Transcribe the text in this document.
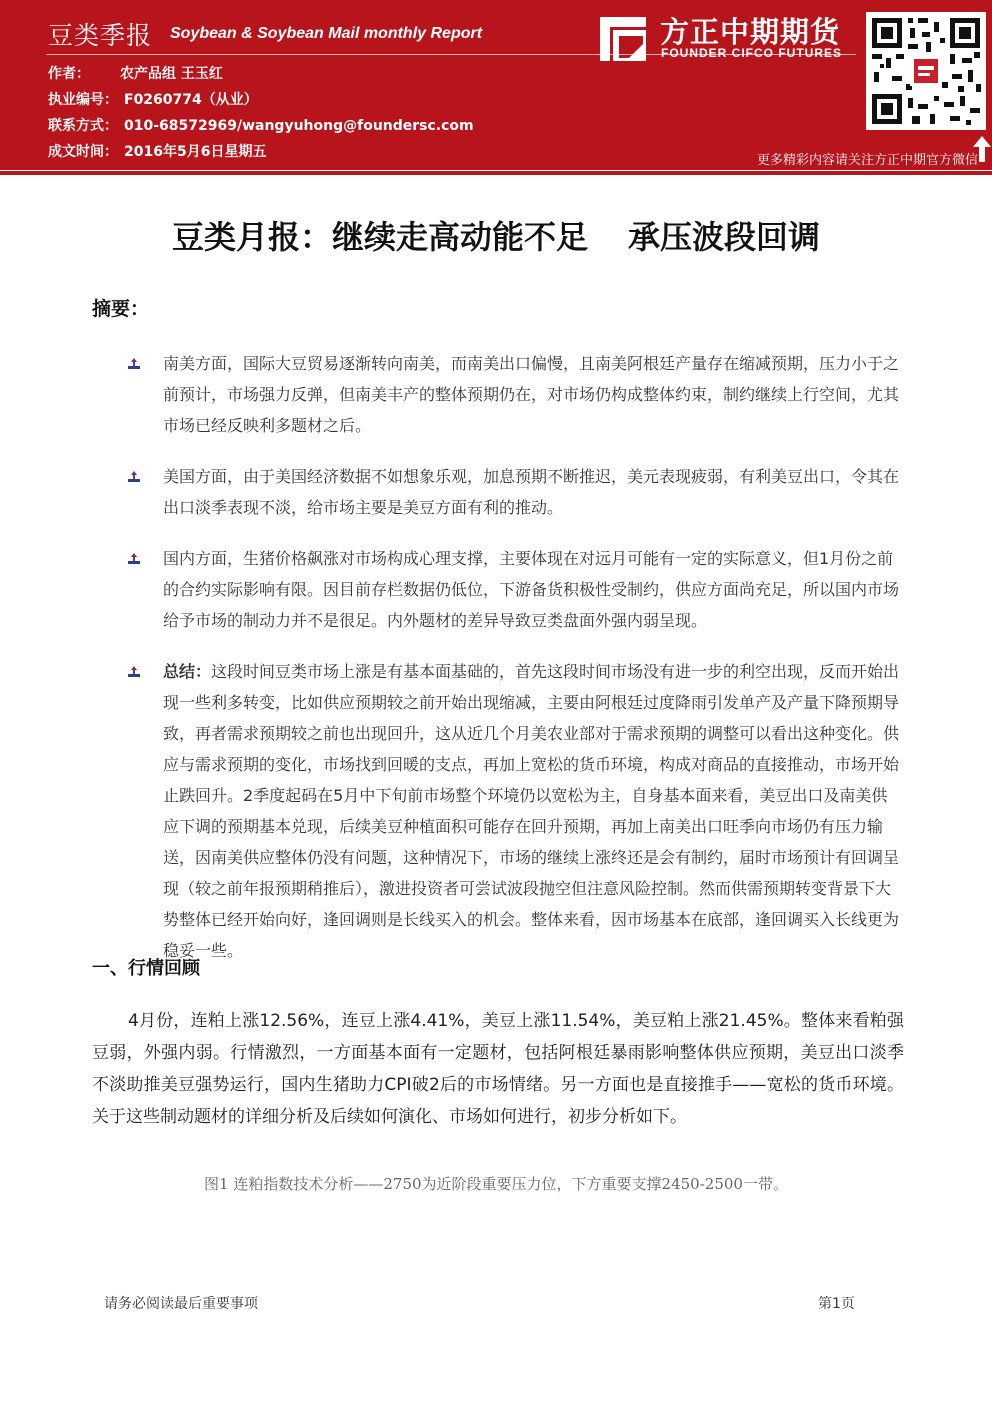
豆类季报 Soybean & Soybean Mail monthly Report
作者： 农产品组 王玉红
执业编号： F0260774（从业）
联系方式： 010-68572969/wangyuhong@foundersc.com
成文时间： 2016年5月6日星期五
方正中期期货
FOUNDER CIFCO FUTURES
更多精彩内容请关注方正中期官方微信
豆类月报：继续走高动能不足 承压波段回调
摘要：
南美方面，国际大豆贸易逐渐转向南美，而南美出口偏慢，且南美阿根廷产量存在缩减预期，压力小于之前预计，市场强力反弹，但南美丰产的整体预期仍在，对市场仍构成整体约束，制约继续上行空间，尤其市场已经反映利多题材之后。
美国方面，由于美国经济数据不如想象乐观，加息预期不断推迟，美元表现疲弱，有利美豆出口，令其在出口淡季表现不淡，给市场主要是美豆方面有利的推动。
国内方面，生猪价格飙涨对市场构成心理支撑，主要体现在对远月可能有一定的实际意义，但1月份之前的合约实际影响有限。因目前存栏数据仍低位，下游备货积极性受制约，供应方面尚充足，所以国内市场给予市场的制动力并不是很足。内外题材的差异导致豆类盘面外强内弱呈现。
总结：这段时间豆类市场上涨是有基本面基础的，首先这段时间市场没有进一步的利空出现，反而开始出现一些利多转变，比如供应预期较之前开始出现缩减，主要由阿根廷过度降雨引发单产及产量下降预期导致，再者需求预期较之前也出现回升，这从近几个月美农业部对于需求预期的调整可以看出这种变化。供应与需求预期的变化，市场找到回暖的支点，再加上宽松的货币环境，构成对商品的直接推动，市场开始止跌回升。2季度起码在5月中下旬前市场整个环境仍以宽松为主，自身基本面来看，美豆出口及南美供应下调的预期基本兑现，后续美豆种植面积可能存在回升预期，再加上南美出口旺季向市场仍有压力输送，因南美供应整体仍没有问题，这种情况下，市场的继续上涨终还是会有制约，届时市场预计有回调呈现（较之前年报预期稍推后），激进投资者可尝试波段抛空但注意风险控制。然而供需预期转变背景下大势整体已经开始向好，逢回调则是长线买入的机会。整体来看，因市场基本在底部，逢回调买入长线更为稳妥一些。
一、行情回顾
4月份，连粕上涨12.56%，连豆上涨4.41%，美豆上涨11.54%，美豆粕上涨21.45%。整体来看粕强豆弱，外强内弱。行情激烈，一方面基本面有一定题材，包括阿根廷暴雨影响整体供应预期，美豆出口淡季不淡助推美豆强势运行，国内生猪助力CPI破2后的市场情绪。另一方面也是直接推手——宽松的货币环境。关于这些制动题材的详细分析及后续如何演化、市场如何进行，初步分析如下。
图1 连粕指数技术分析——2750为近阶段重要压力位，下方重要支撑2450-2500一带。
请务必阅读最后重要事项	第1页
